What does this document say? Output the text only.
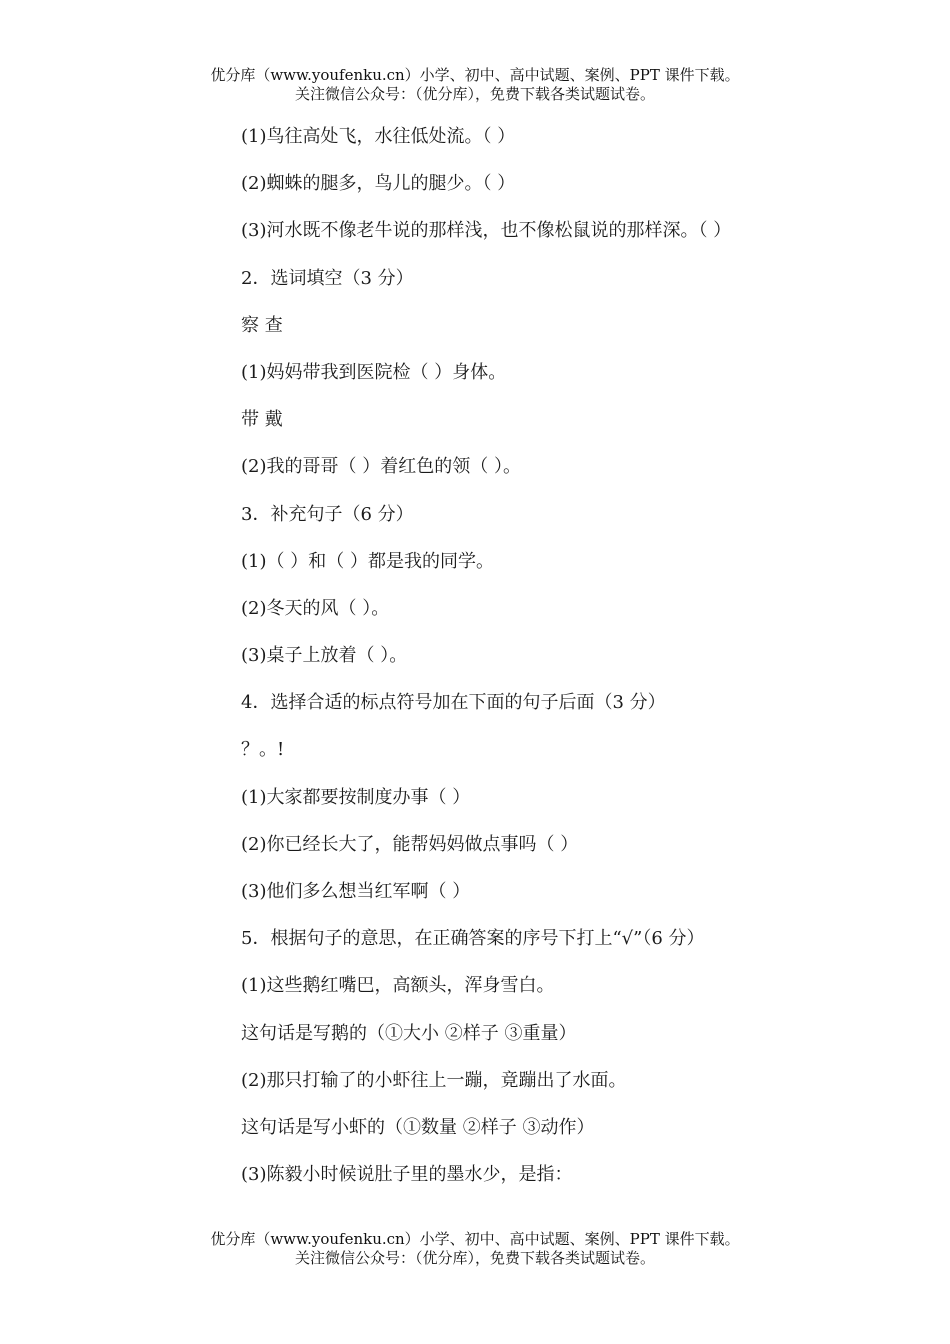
优分库（www.youfenku.cn）小学、初中、高中试题、案例、PPT 课件下载。
关注微信公众号：（优分库），免费下载各类试题试卷。
(1)鸟往高处飞，水往低处流。（ ）
(2)蜘蛛的腿多，鸟儿的腿少。（ ）
(3)河水既不像老牛说的那样浅，也不像松鼠说的那样深。（ ）
2．选词填空（3 分）
察 查
(1)妈妈带我到医院检（ ）身体。
带 戴
(2)我的哥哥（ ）着红色的领（ ）。
3．补充句子（6 分）
(1)（ ）和（ ）都是我的同学。
(2)冬天的风（ ）。
(3)桌子上放着（ ）。
4．选择合适的标点符号加在下面的句子后面（3 分）
？。!
(1)大家都要按制度办事（ ）
(2)你已经长大了，能帮妈妈做点事吗（ ）
(3)他们多么想当红军啊（ ）
5．根据句子的意思，在正确答案的序号下打上“√”（6 分）
(1)这些鹅红嘴巴，高额头，浑身雪白。
这句话是写鹅的（①大小 ②样子 ③重量）
(2)那只打输了的小虾往上一蹦，竟蹦出了水面。
这句话是写小虾的（①数量 ②样子 ③动作）
(3)陈毅小时候说肚子里的墨水少，是指：
优分库（www.youfenku.cn）小学、初中、高中试题、案例、PPT 课件下载。
关注微信公众号：（优分库），免费下载各类试题试卷。
